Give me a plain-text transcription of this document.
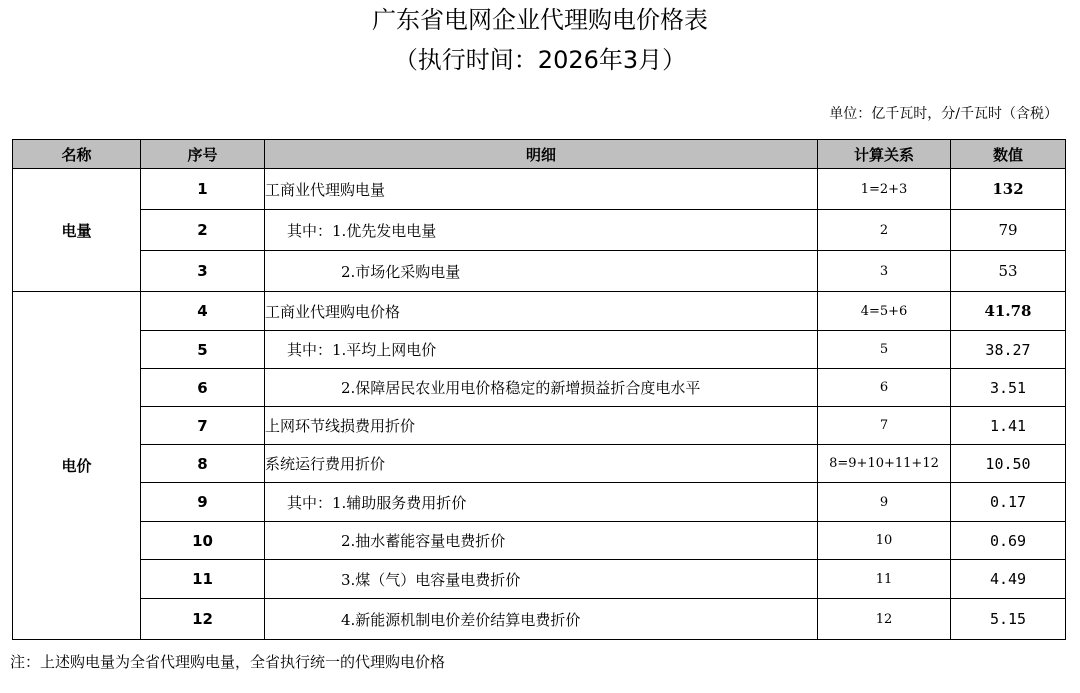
广东省电网企业代理购电价格表
（执行时间：2026年3月）
单位：亿千瓦时，分/千瓦时（含税）
名称	序号	明细	计算关系	数值
电量	1	工商业代理购电量	1=2+3	132
	2	其中：1.优先发电电量	2	79
	3	2.市场化采购电量	3	53
电价	4	工商业代理购电价格	4=5+6	41.78
	5	其中：1.平均上网电价	5	38.27
	6	2.保障居民农业用电价格稳定的新增损益折合度电水平	6	3.51
	7	上网环节线损费用折价	7	1.41
	8	系统运行费用折价	8=9+10+11+12	10.50
	9	其中：1.辅助服务费用折价	9	0.17
	10	2.抽水蓄能容量电费折价	10	0.69
	11	3.煤（气）电容量电费折价	11	4.49
	12	4.新能源机制电价差价结算电费折价	12	5.15
注：上述购电量为全省代理购电量，全省执行统一的代理购电价格
